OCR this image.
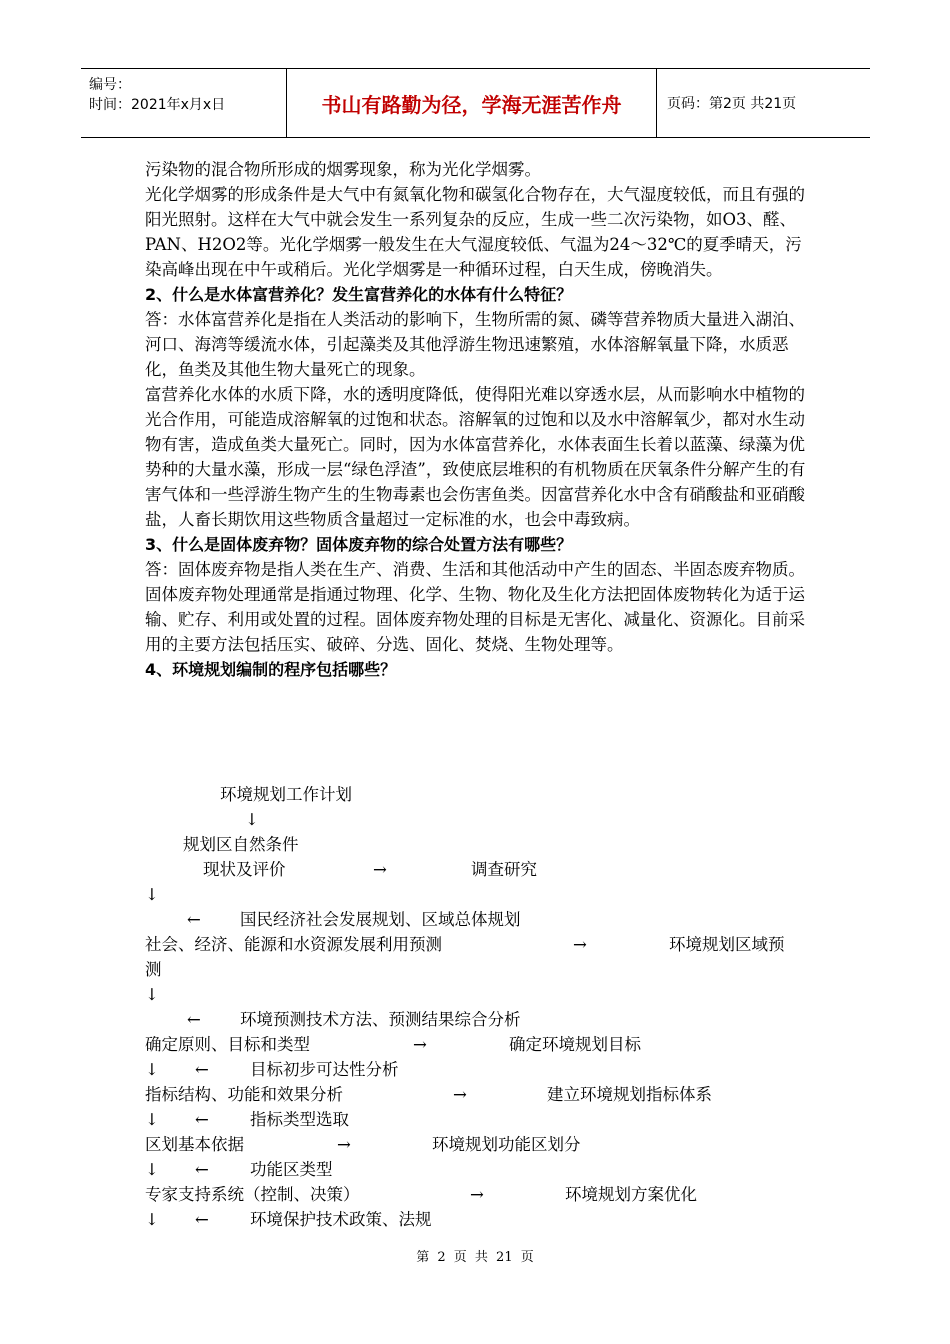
编号：
时间：2021年x月x日	书山有路勤为径，学海无涯苦作舟	页码：第2页 共21页

污染物的混合物所形成的烟雾现象，称为光化学烟雾。

光化学烟雾的形成条件是大气中有氮氧化物和碳氢化合物存在，大气湿度较低，而且有强的阳光照射。这样在大气中就会发生一系列复杂的反应，生成一些二次污染物，如O3、醛、PAN、H2O2等。光化学烟雾一般发生在大气湿度较低、气温为24～32℃的夏季晴天，污染高峰出现在中午或稍后。光化学烟雾是一种循环过程，白天生成，傍晚消失。

2、什么是水体富营养化？发生富营养化的水体有什么特征？

答：水体富营养化是指在人类活动的影响下，生物所需的氮、磷等营养物质大量进入湖泊、河口、海湾等缓流水体，引起藻类及其他浮游生物迅速繁殖，水体溶解氧量下降，水质恶化，鱼类及其他生物大量死亡的现象。

富营养化水体的水质下降，水的透明度降低，使得阳光难以穿透水层，从而影响水中植物的光合作用，可能造成溶解氧的过饱和状态。溶解氧的过饱和以及水中溶解氧少，都对水生动物有害，造成鱼类大量死亡。同时，因为水体富营养化，水体表面生长着以蓝藻、绿藻为优势种的大量水藻，形成一层“绿色浮渣”，致使底层堆积的有机物质在厌氧条件分解产生的有害气体和一些浮游生物产生的生物毒素也会伤害鱼类。因富营养化水中含有硝酸盐和亚硝酸盐，人畜长期饮用这些物质含量超过一定标准的水，也会中毒致病。

3、什么是固体废弃物？固体废弃物的综合处置方法有哪些？

答：固体废弃物是指人类在生产、消费、生活和其他活动中产生的固态、半固态废弃物质。

固体废弃物处理通常是指通过物理、化学、生物、物化及生化方法把固体废物转化为适于运输、贮存、利用或处置的过程。固体废弃物处理的目标是无害化、减量化、资源化。目前采用的主要方法包括压实、破碎、分选、固化、焚烧、生物处理等。

4、环境规划编制的程序包括哪些？

环境规划工作计划
↓
规划区自然条件
现状及评价	→	调查研究
↓
← 国民经济社会发展规划、区域总体规划
社会、经济、能源和水资源发展利用预测	→	环境规划区域预
测
↓
← 环境预测技术方法、预测结果综合分析
确定原则、目标和类型	→	确定环境规划目标
↓ ← 目标初步可达性分析
指标结构、功能和效果分析	→	建立环境规划指标体系
↓ ← 指标类型选取
区划基本依据	→	环境规划功能区划分
↓ ← 功能区类型
专家支持系统（控制、决策）	→	环境规划方案优化
↓ ← 环境保护技术政策、法规
第 2 页 共 21 页
